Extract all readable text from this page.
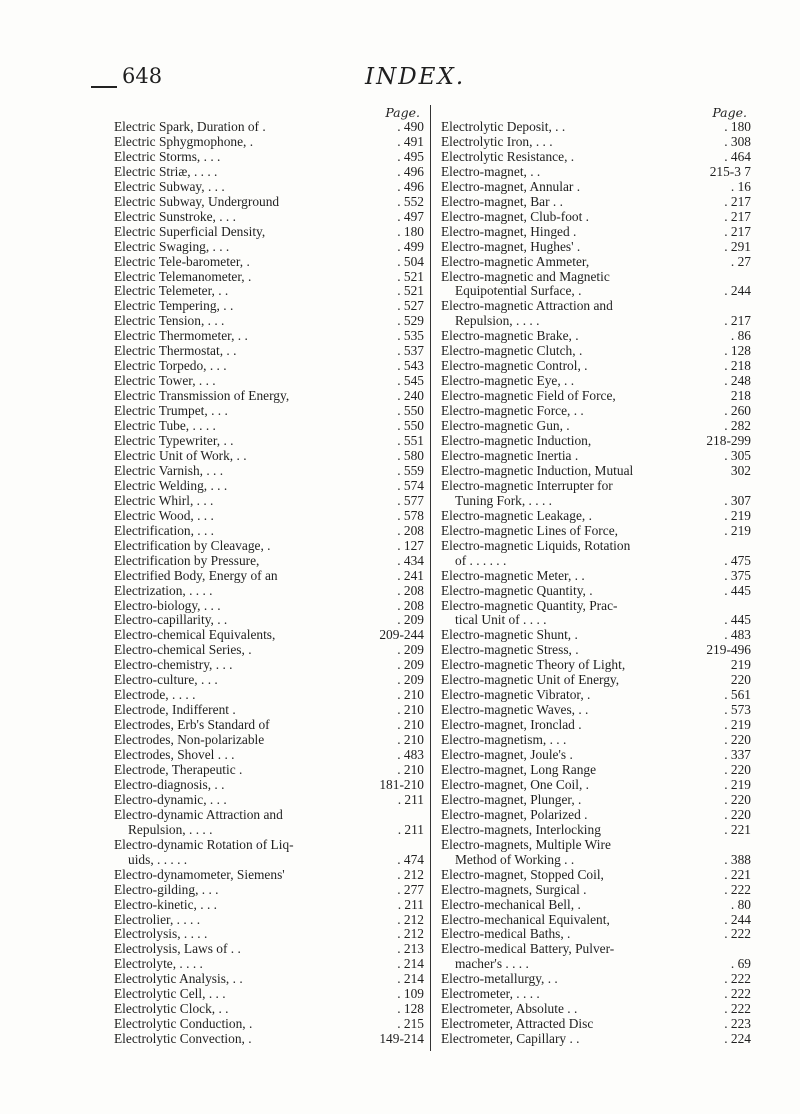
648	INDEX.
Page.
Electric Spark, Duration of .	. 490
Electric Sphygmophone, .	. 491
Electric Storms, . . .	. 495
Electric Striæ, . . . .	. 496
Electric Subway, . . .	. 496
Electric Subway, Underground	. 552
Electric Sunstroke, . . .	. 497
Electric Superficial Density,	. 180
Electric Swaging, . . .	. 499
Electric Tele-barometer, .	. 504
Electric Telemanometer, .	. 521
Electric Telemeter, . .	. 521
Electric Tempering, . .	. 527
Electric Tension, . . .	. 529
Electric Thermometer, . .	. 535
Electric Thermostat, . .	. 537
Electric Torpedo, . . .	. 543
Electric Tower, . . .	. 545
Electric Transmission of Energy,	. 240
Electric Trumpet, . . .	. 550
Electric Tube, . . . .	. 550
Electric Typewriter, . .	. 551
Electric Unit of Work, . .	. 580
Electric Varnish, . . .	. 559
Electric Welding, . . .	. 574
Electric Whirl, . . .	. 577
Electric Wood, . . .	. 578
Electrification, . . .	. 208
Electrification by Cleavage, .	. 127
Electrification by Pressure,	. 434
Electrified Body, Energy of an	. 241
Electrization, . . . .	. 208
Electro-biology, . . .	. 208
Electro-capillarity, . .	. 209
Electro-chemical Equivalents,	209-244
Electro-chemical Series, .	. 209
Electro-chemistry, . . .	. 209
Electro-culture, . . .	. 209
Electrode, . . . .	. 210
Electrode, Indifferent .	. 210
Electrodes, Erb's Standard of	. 210
Electrodes, Non-polarizable	. 210
Electrodes, Shovel . . .	. 483
Electrode, Therapeutic .	. 210
Electro-diagnosis, . .	181-210
Electro-dynamic, . . .	. 211
Electro-dynamic Attraction and
Repulsion, . . . .	. 211
Electro-dynamic Rotation of Liq-
uids, . . . . .	. 474
Electro-dynamometer, Siemens'	. 212
Electro-gilding, . . .	. 277
Electro-kinetic, . . .	. 211
Electrolier, . . . .	. 212
Electrolysis, . . . .	. 212
Electrolysis, Laws of . .	. 213
Electrolyte, . . . .	. 214
Electrolytic Analysis, . .	. 214
Electrolytic Cell, . . .	. 109
Electrolytic Clock, . .	. 128
Electrolytic Conduction, .	. 215
Electrolytic Convection, .	149-214
Page.
Electrolytic Deposit, . .	. 180
Electrolytic Iron, . . .	. 308
Electrolytic Resistance, .	. 464
Electro-magnet, . .	215-3 7
Electro-magnet, Annular .	. 16
Electro-magnet, Bar . .	. 217
Electro-magnet, Club-foot .	. 217
Electro-magnet, Hinged .	. 217
Electro-magnet, Hughes' .	. 291
Electro-magnetic Ammeter,	. 27
Electro-magnetic and Magnetic
Equipotential Surface, .	. 244
Electro-magnetic Attraction and
Repulsion, . . . .	. 217
Electro-magnetic Brake, .	. 86
Electro-magnetic Clutch, .	. 128
Electro-magnetic Control, .	. 218
Electro-magnetic Eye, . .	. 248
Electro-magnetic Field of Force,	218
Electro-magnetic Force, . .	. 260
Electro-magnetic Gun, .	. 282
Electro-magnetic Induction,	218-299
Electro-magnetic Inertia .	. 305
Electro-magnetic Induction, Mutual	302
Electro-magnetic Interrupter for
Tuning Fork, . . . .	. 307
Electro-magnetic Leakage, .	. 219
Electro-magnetic Lines of Force,	. 219
Electro-magnetic Liquids, Rotation
of . . . . . .	. 475
Electro-magnetic Meter, . .	. 375
Electro-magnetic Quantity, .	. 445
Electro-magnetic Quantity, Prac-
tical Unit of . . . .	. 445
Electro-magnetic Shunt, .	. 483
Electro-magnetic Stress, .	219-496
Electro-magnetic Theory of Light,	219
Electro-magnetic Unit of Energy,	220
Electro-magnetic Vibrator, .	. 561
Electro-magnetic Waves, . .	. 573
Electro-magnet, Ironclad .	. 219
Electro-magnetism, . . .	. 220
Electro-magnet, Joule's .	. 337
Electro-magnet, Long Range	. 220
Electro-magnet, One Coil, .	. 219
Electro-magnet, Plunger, .	. 220
Electro-magnet, Polarized .	. 220
Electro-magnets, Interlocking	. 221
Electro-magnets, Multiple Wire
Method of Working . .	. 388
Electro-magnet, Stopped Coil,	. 221
Electro-magnets, Surgical .	. 222
Electro-mechanical Bell, .	. 80
Electro-mechanical Equivalent,	. 244
Electro-medical Baths, .	. 222
Electro-medical Battery, Pulver-
macher's . . . .	. 69
Electro-metallurgy, . .	. 222
Electrometer, . . . .	. 222
Electrometer, Absolute . .	. 222
Electrometer, Attracted Disc	. 223
Electrometer, Capillary . .	. 224
